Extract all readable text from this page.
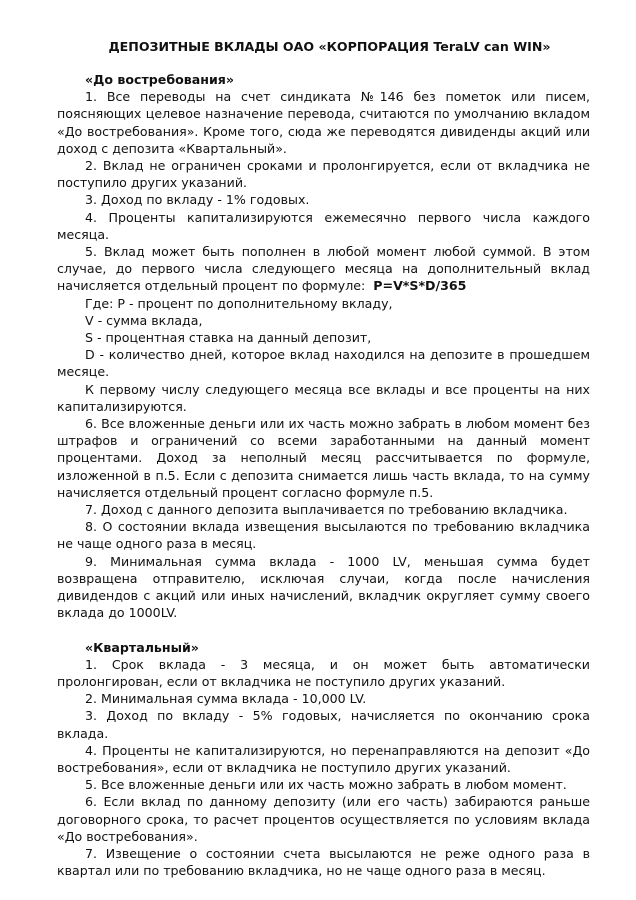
ДЕПОЗИТНЫЕ ВКЛАДЫ ОАО «КОРПОРАЦИЯ TeraLV can WIN»
«До востребования»

1. Все переводы на счет синдиката №146 без пометок или писем, поясняющих целевое назначение перевода, считаются по умолчанию вкладом «До востребования». Кроме того, сюда же переводятся дивиденды акций или доход с депозита «Квартальный».

2. Вклад не ограничен сроками и пролонгируется, если от вкладчика не поступило других указаний.

3. Доход по вкладу - 1% годовых.

4. Проценты капитализируются ежемесячно первого числа каждого месяца.

5. Вклад может быть пополнен в любой момент любой суммой. В этом случае, до первого числа следующего месяца на дополнительный вклад начисляется отдельный процент по формуле: P=V*S*D/365

Где: P - процент по дополнительному вкладу,

V - сумма вклада,

S - процентная ставка на данный депозит,

D - количество дней, которое вклад находился на депозите в прошедшем месяце.

К первому числу следующего месяца все вклады и все проценты на них капитализируются.

6. Все вложенные деньги или их часть можно забрать в любом момент без штрафов и ограничений со всеми заработанными на данный момент процентами. Доход за неполный месяц рассчитывается по формуле, изложенной в п.5. Если с депозита снимается лишь часть вклада, то на сумму начисляется отдельный процент согласно формуле п.5.

7. Доход с данного депозита выплачивается по требованию вкладчика.

8. О состоянии вклада извещения высылаются по требованию вкладчика не чаще одного раза в месяц.

9. Минимальная сумма вклада - 1000 LV, меньшая сумма будет возвращена отправителю, исключая случаи, когда после начисления дивидендов с акций или иных начислений, вкладчик округляет сумму своего вклада до 1000LV.

«Квартальный»

1. Срок вклада - 3 месяца, и он может быть автоматически пролонгирован, если от вкладчика не поступило других указаний.

2. Минимальная сумма вклада - 10,000 LV.

3. Доход по вкладу - 5% годовых, начисляется по окончанию срока вклада.

4. Проценты не капитализируются, но перенаправляются на депозит «До востребования», если от вкладчика не поступило других указаний.

5. Все вложенные деньги или их часть можно забрать в любом момент.

6. Если вклад по данному депозиту (или его часть) забираются раньше договорного срока, то расчет процентов осуществляется по условиям вклада «До востребования».

7. Извещение о состоянии счета высылаются не реже одного раза в квартал или по требованию вкладчика, но не чаще одного раза в месяц.
